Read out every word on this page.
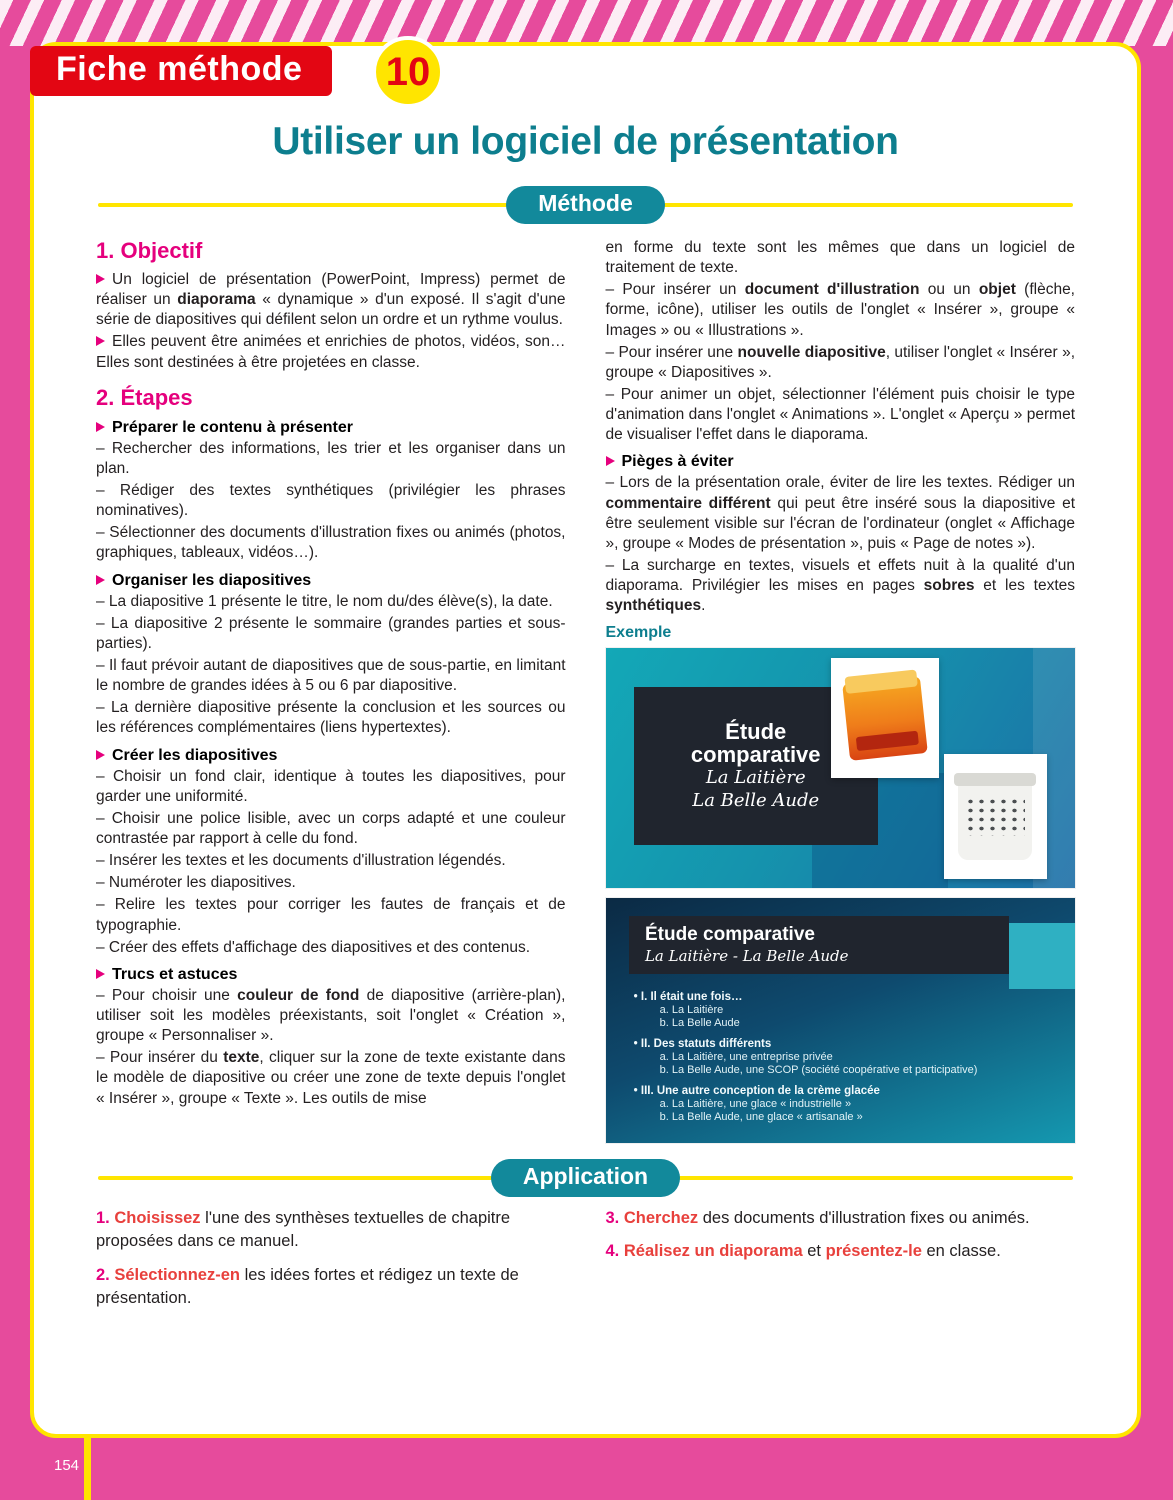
Fiche méthode 10
Utiliser un logiciel de présentation
Méthode
1. Objectif

Un logiciel de présentation (PowerPoint, Impress) permet de réaliser un diaporama « dynamique » d'un exposé. Il s'agit d'une série de diapositives qui défilent selon un ordre et un rythme voulus.

Elles peuvent être animées et enrichies de photos, vidéos, son… Elles sont destinées à être projetées en classe.

2. Étapes

Préparer le contenu à présenter

– Rechercher des informations, les trier et les organiser dans un plan.

– Rédiger des textes synthétiques (privilégier les phrases nominatives).

– Sélectionner des documents d'illustration fixes ou animés (photos, graphiques, tableaux, vidéos…).

Organiser les diapositives

– La diapositive 1 présente le titre, le nom du/des élève(s), la date.

– La diapositive 2 présente le sommaire (grandes parties et sous-parties).

– Il faut prévoir autant de diapositives que de sous-partie, en limitant le nombre de grandes idées à 5 ou 6 par diapositive.

– La dernière diapositive présente la conclusion et les sources ou les références complémentaires (liens hypertextes).

Créer les diapositives

– Choisir un fond clair, identique à toutes les diapositives, pour garder une uniformité.

– Choisir une police lisible, avec un corps adapté et une couleur contrastée par rapport à celle du fond.

– Insérer les textes et les documents d'illustration légendés.

– Numéroter les diapositives.

– Relire les textes pour corriger les fautes de français et de typographie.

– Créer des effets d'affichage des diapositives et des contenus.

Trucs et astuces

– Pour choisir une couleur de fond de diapositive (arrière-plan), utiliser soit les modèles préexistants, soit l'onglet « Création », groupe « Personnaliser ».

– Pour insérer du texte, cliquer sur la zone de texte existante dans le modèle de diapositive ou créer une zone de texte depuis l'onglet « Insérer », groupe « Texte ». Les outils de mise

en forme du texte sont les mêmes que dans un logiciel de traitement de texte.

– Pour insérer un document d'illustration ou un objet (flèche, forme, icône), utiliser les outils de l'onglet « Insérer », groupe « Images » ou « Illustrations ».

– Pour insérer une nouvelle diapositive, utiliser l'onglet « Insérer », groupe « Diapositives ».

– Pour animer un objet, sélectionner l'élément puis choisir le type d'animation dans l'onglet « Animations ». L'onglet « Aperçu » permet de visualiser l'effet dans le diaporama.

Pièges à éviter

– Lors de la présentation orale, éviter de lire les textes. Rédiger un commentaire différent qui peut être inséré sous la diapositive et être seulement visible sur l'écran de l'ordinateur (onglet « Affichage », groupe « Modes de présentation », puis « Page de notes »).

– La surcharge en textes, visuels et effets nuit à la qualité d'un diaporama. Privilégier les mises en pages sobres et les textes synthétiques.

Exemple

Étude
comparative
La Laitière
La Belle Aude
Étude comparative
La Laitière - La Belle Aude

• I. Il était une fois…

a. La Laitière

b. La Belle Aude

• II. Des statuts différents

a. La Laitière, une entreprise privée

b. La Belle Aude, une SCOP (société coopérative et participative)

• III. Une autre conception de la crème glacée

a. La Laitière, une glace « industrielle »

b. La Belle Aude, une glace « artisanale »

Application

1. Choisissez l'une des synthèses textuelles de chapitre proposées dans ce manuel.

2. Sélectionnez-en les idées fortes et rédigez un texte de présentation.

3. Cherchez des documents d'illustration fixes ou animés.

4. Réalisez un diaporama et présentez-le en classe.

154
